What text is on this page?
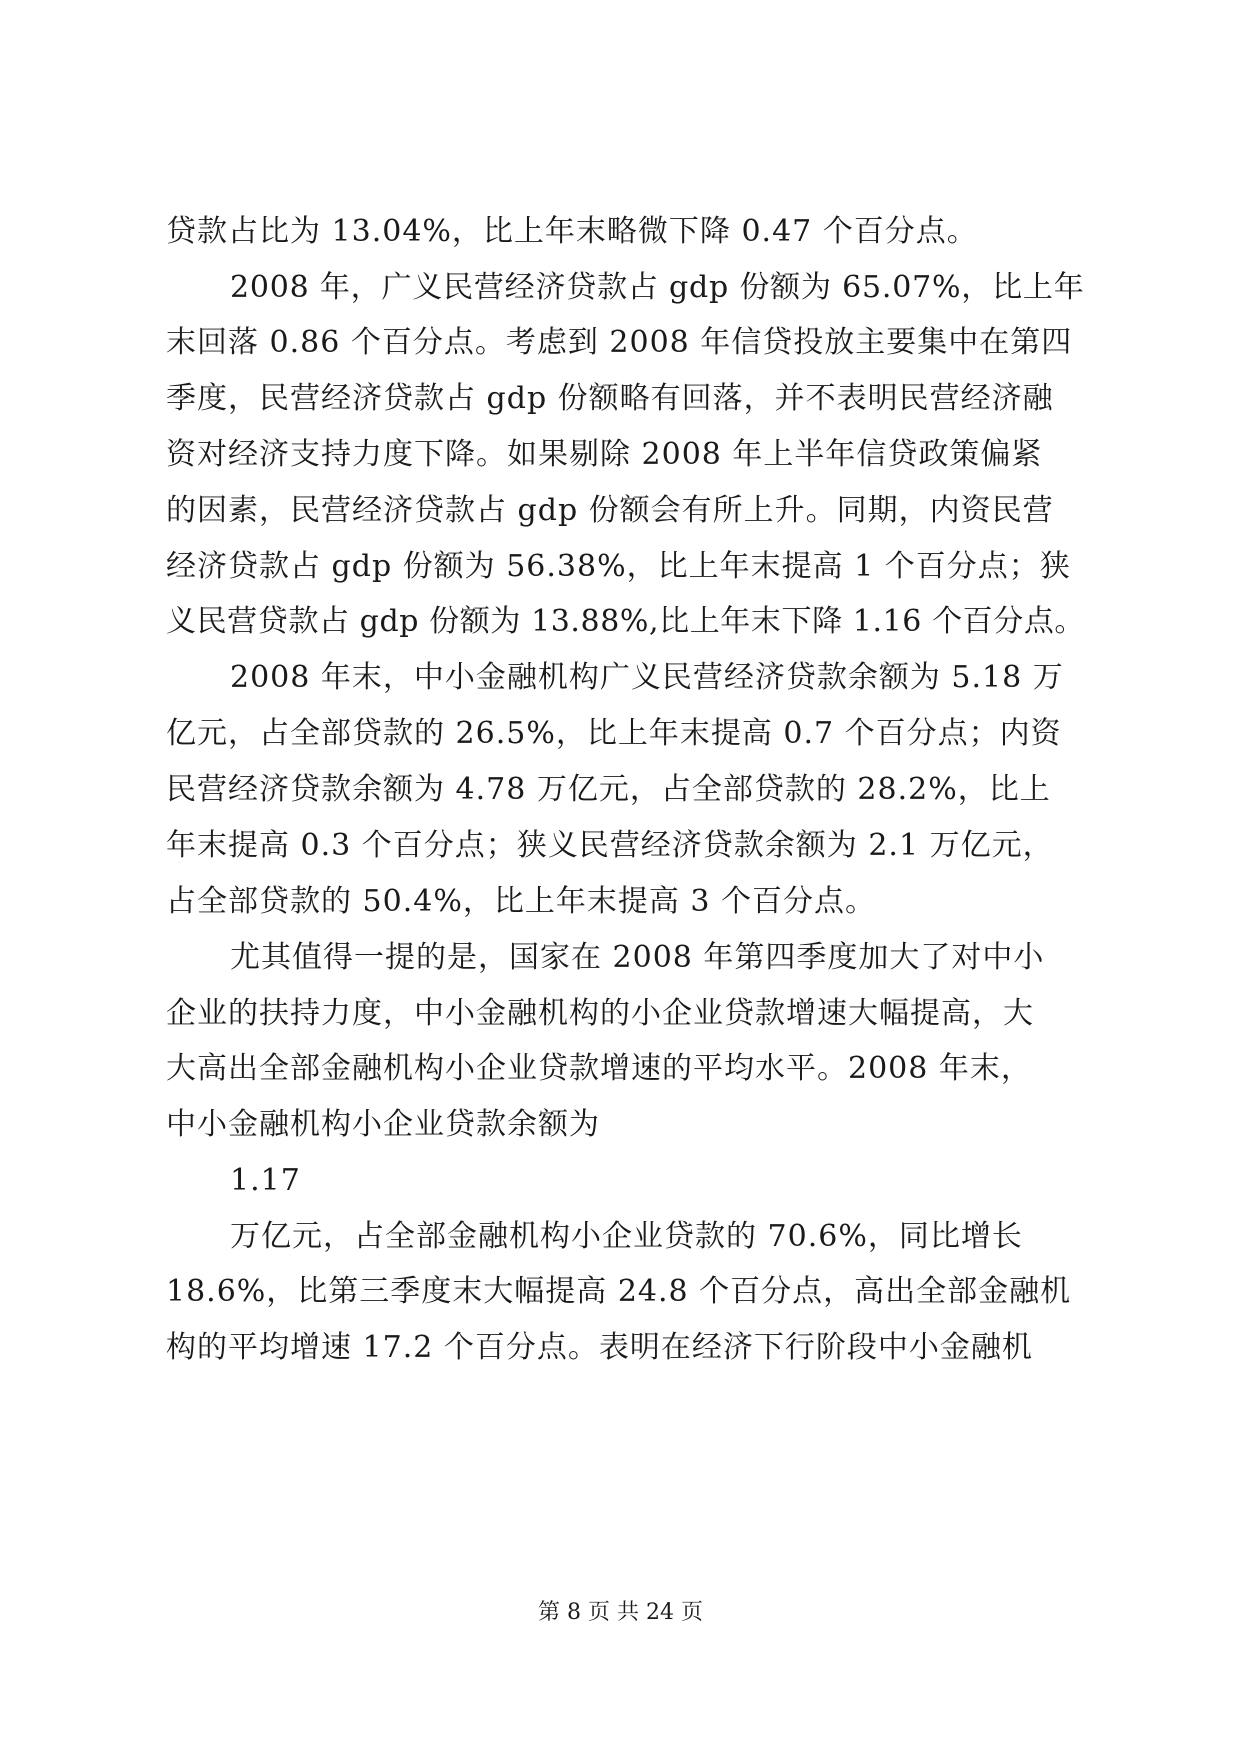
贷款占比为 13.04%，比上年末略微下降 0.47 个百分点。
2008 年，广义民营经济贷款占 gdp 份额为 65.07%，比上年
末回落 0.86 个百分点。考虑到 2008 年信贷投放主要集中在第四
季度，民营经济贷款占 gdp 份额略有回落，并不表明民营经济融
资对经济支持力度下降。如果剔除 2008 年上半年信贷政策偏紧
的因素，民营经济贷款占 gdp 份额会有所上升。同期，内资民营
经济贷款占 gdp 份额为 56.38%，比上年末提高 1 个百分点；狭
义民营贷款占 gdp 份额为 13.88%,比上年末下降 1.16 个百分点。
2008 年末，中小金融机构广义民营经济贷款余额为 5.18 万
亿元，占全部贷款的 26.5%，比上年末提高 0.7 个百分点；内资
民营经济贷款余额为 4.78 万亿元，占全部贷款的 28.2%，比上
年末提高 0.3 个百分点；狭义民营经济贷款余额为 2.1 万亿元，
占全部贷款的 50.4%，比上年末提高 3 个百分点。
尤其值得一提的是，国家在 2008 年第四季度加大了对中小
企业的扶持力度，中小金融机构的小企业贷款增速大幅提高，大
大高出全部金融机构小企业贷款增速的平均水平。2008 年末，
中小金融机构小企业贷款余额为
1.17
万亿元，占全部金融机构小企业贷款的 70.6%，同比增长
18.6%，比第三季度末大幅提高 24.8 个百分点，高出全部金融机
构的平均增速 17.2 个百分点。表明在经济下行阶段中小金融机
第 8 页 共 24 页
